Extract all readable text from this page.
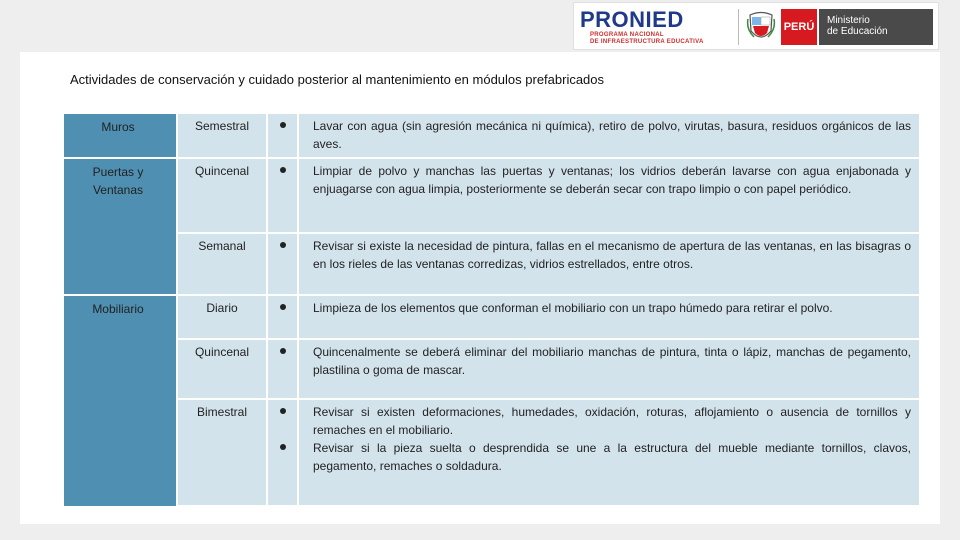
PRONIED
PROGRAMA NACIONAL
DE INFRAESTRUCTURA EDUCATIVA
PERÚ
Ministerio
de Educación
Actividades de conservación y cuidado posterior al mantenimiento en módulos prefabricados
Muros	Semestral		Lavar con agua (sin agresión mecánica ni química), retiro de polvo, virutas, basura, residuos orgánicos de las aves.

Puertas y Ventanas	Quincenal		Limpiar de polvo y manchas las puertas y ventanas; los vidrios deberán lavarse con agua enjabonada y enjuagarse con agua limpia, posteriormente se deberán secar con trapo limpio o con papel periódico.

	Semanal		Revisar si existe la necesidad de pintura, fallas en el mecanismo de apertura de las ventanas, en las bisagras o en los rieles de las ventanas corredizas, vidrios estrellados, entre otros.

Mobiliario	Diario		Limpieza de los elementos que conforman el mobiliario con un trapo húmedo para retirar el polvo.

	Quincenal		Quincenalmente se deberá eliminar del mobiliario manchas de pintura, tinta o lápiz, manchas de pegamento, plastilina o goma de mascar.

	Bimestral		Revisar si existen deformaciones, humedades, oxidación, roturas, aflojamiento o ausencia de tornillos y remaches en el mobiliario.
Revisar si la pieza suelta o desprendida se une a la estructura del mueble mediante tornillos, clavos, pegamento, remaches o soldadura.
